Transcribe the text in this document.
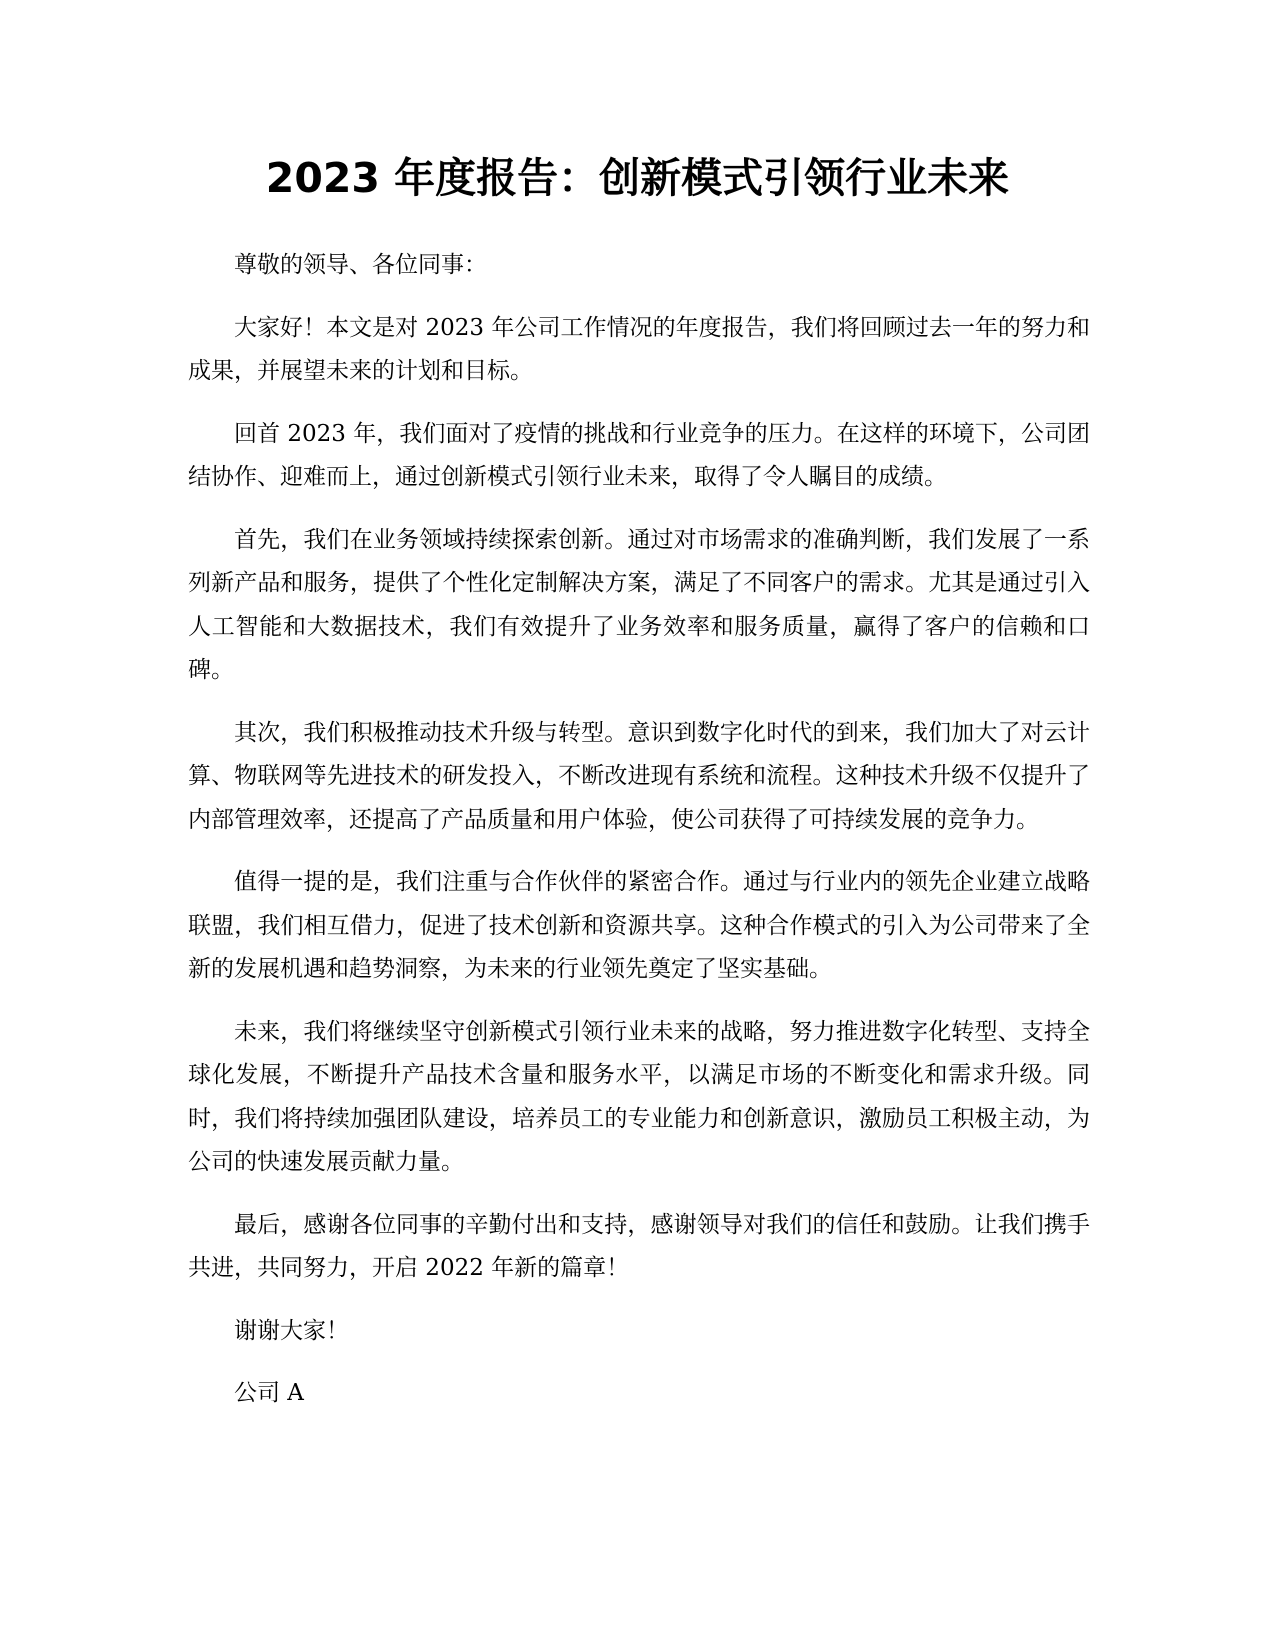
2023 年度报告：创新模式引领行业未来

尊敬的领导、各位同事：

大家好！本文是对 2023 年公司工作情况的年度报告，我们将回顾过去一年的努力和成果，并展望未来的计划和目标。

回首 2023 年，我们面对了疫情的挑战和行业竞争的压力。在这样的环境下，公司团结协作、迎难而上，通过创新模式引领行业未来，取得了令人瞩目的成绩。

首先，我们在业务领域持续探索创新。通过对市场需求的准确判断，我们发展了一系列新产品和服务，提供了个性化定制解决方案，满足了不同客户的需求。尤其是通过引入人工智能和大数据技术，我们有效提升了业务效率和服务质量，赢得了客户的信赖和口碑。

其次，我们积极推动技术升级与转型。意识到数字化时代的到来，我们加大了对云计算、物联网等先进技术的研发投入，不断改进现有系统和流程。这种技术升级不仅提升了内部管理效率，还提高了产品质量和用户体验，使公司获得了可持续发展的竞争力。

值得一提的是，我们注重与合作伙伴的紧密合作。通过与行业内的领先企业建立战略联盟，我们相互借力，促进了技术创新和资源共享。这种合作模式的引入为公司带来了全新的发展机遇和趋势洞察，为未来的行业领先奠定了坚实基础。

未来，我们将继续坚守创新模式引领行业未来的战略，努力推进数字化转型、支持全球化发展，不断提升产品技术含量和服务水平，以满足市场的不断变化和需求升级。同时，我们将持续加强团队建设，培养员工的专业能力和创新意识，激励员工积极主动，为公司的快速发展贡献力量。

最后，感谢各位同事的辛勤付出和支持，感谢领导对我们的信任和鼓励。让我们携手共进，共同努力，开启 2022 年新的篇章！

谢谢大家！

公司 A
